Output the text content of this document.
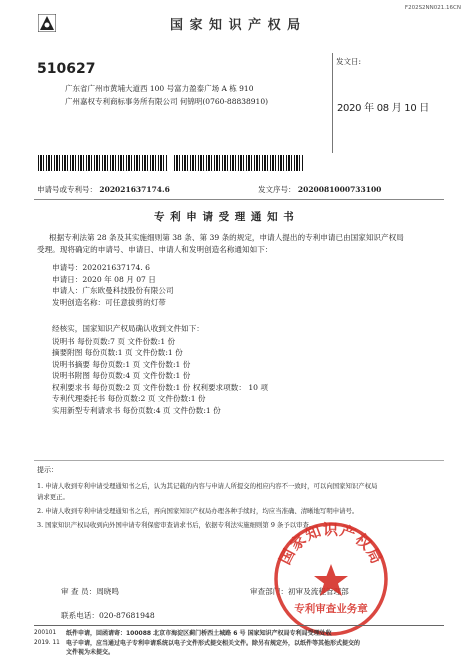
F202S2NN021.16CN
国 家 知 识 产 权 局
510627
广东省广州市黄埔大道西 100 号富力盈泰广场 A 栋 910
广州嘉权专利商标事务所有限公司 何锦明(0760-88838910)
发文日:
2020 年 08 月 10 日
申请号或专利号： 202021637174.6	发文序号： 2020081000733100
专 利 申 请 受 理 通 知 书
根据专利法第 28 条及其实施细则第 38 条、第 39 条的规定，申请人提出的专利申请已由国家知识产权局
受理。现将确定的申请号、申请日、申请人和发明创造名称通知如下：
申请号：202021637174. 6
申请日：2020 年 08 月 07 日
申请人：广东欧曼科技股份有限公司
发明创造名称：可任意拔剪的灯带
经核实，国家知识产权局确认收到文件如下：
说明书 每份页数:7 页 文件份数:1 份
摘要附图 每份页数:1 页 文件份数:1 份
说明书摘要 每份页数:1 页 文件份数:1 份
说明书附图 每份页数:4 页 文件份数:1 份
权利要求书 每份页数:2 页 文件份数:1 份 权利要求项数： 10 项
专利代理委托书 每份页数:2 页 文件份数:1 份
实用新型专利请求书 每份页数:4 页 文件份数:1 份
提示：
1. 申请人收到专利申请受理通知书之后，认为其记载的内容与申请人所提交的相应内容不一致时，可以向国家知识产权局
请求更正。
2. 申请人收到专利申请受理通知书之后，再向国家知识产权局办理各种手续时，均应当准确、清晰地写明申请号。
3. 国家知识产权局收到向外国申请专利保密审查请求书后，依据专利法实施细则第 9 条予以审查。
审 查 员：周晓鸣	审查部门：初审及流程管理部
联系电话：020-87681948
国家知识产权局
专利审查业务章
200101
2019. 11
纸件申请，回函请寄：100088 北京市海淀区蓟门桥西土城路 6 号 国家知识产权局专利局受理处收
电子申请，应当通过电子专利申请系统以电子文件形式提交相关文件。除另有规定外，以纸件等其他形式提交的
文件视为未提交。
